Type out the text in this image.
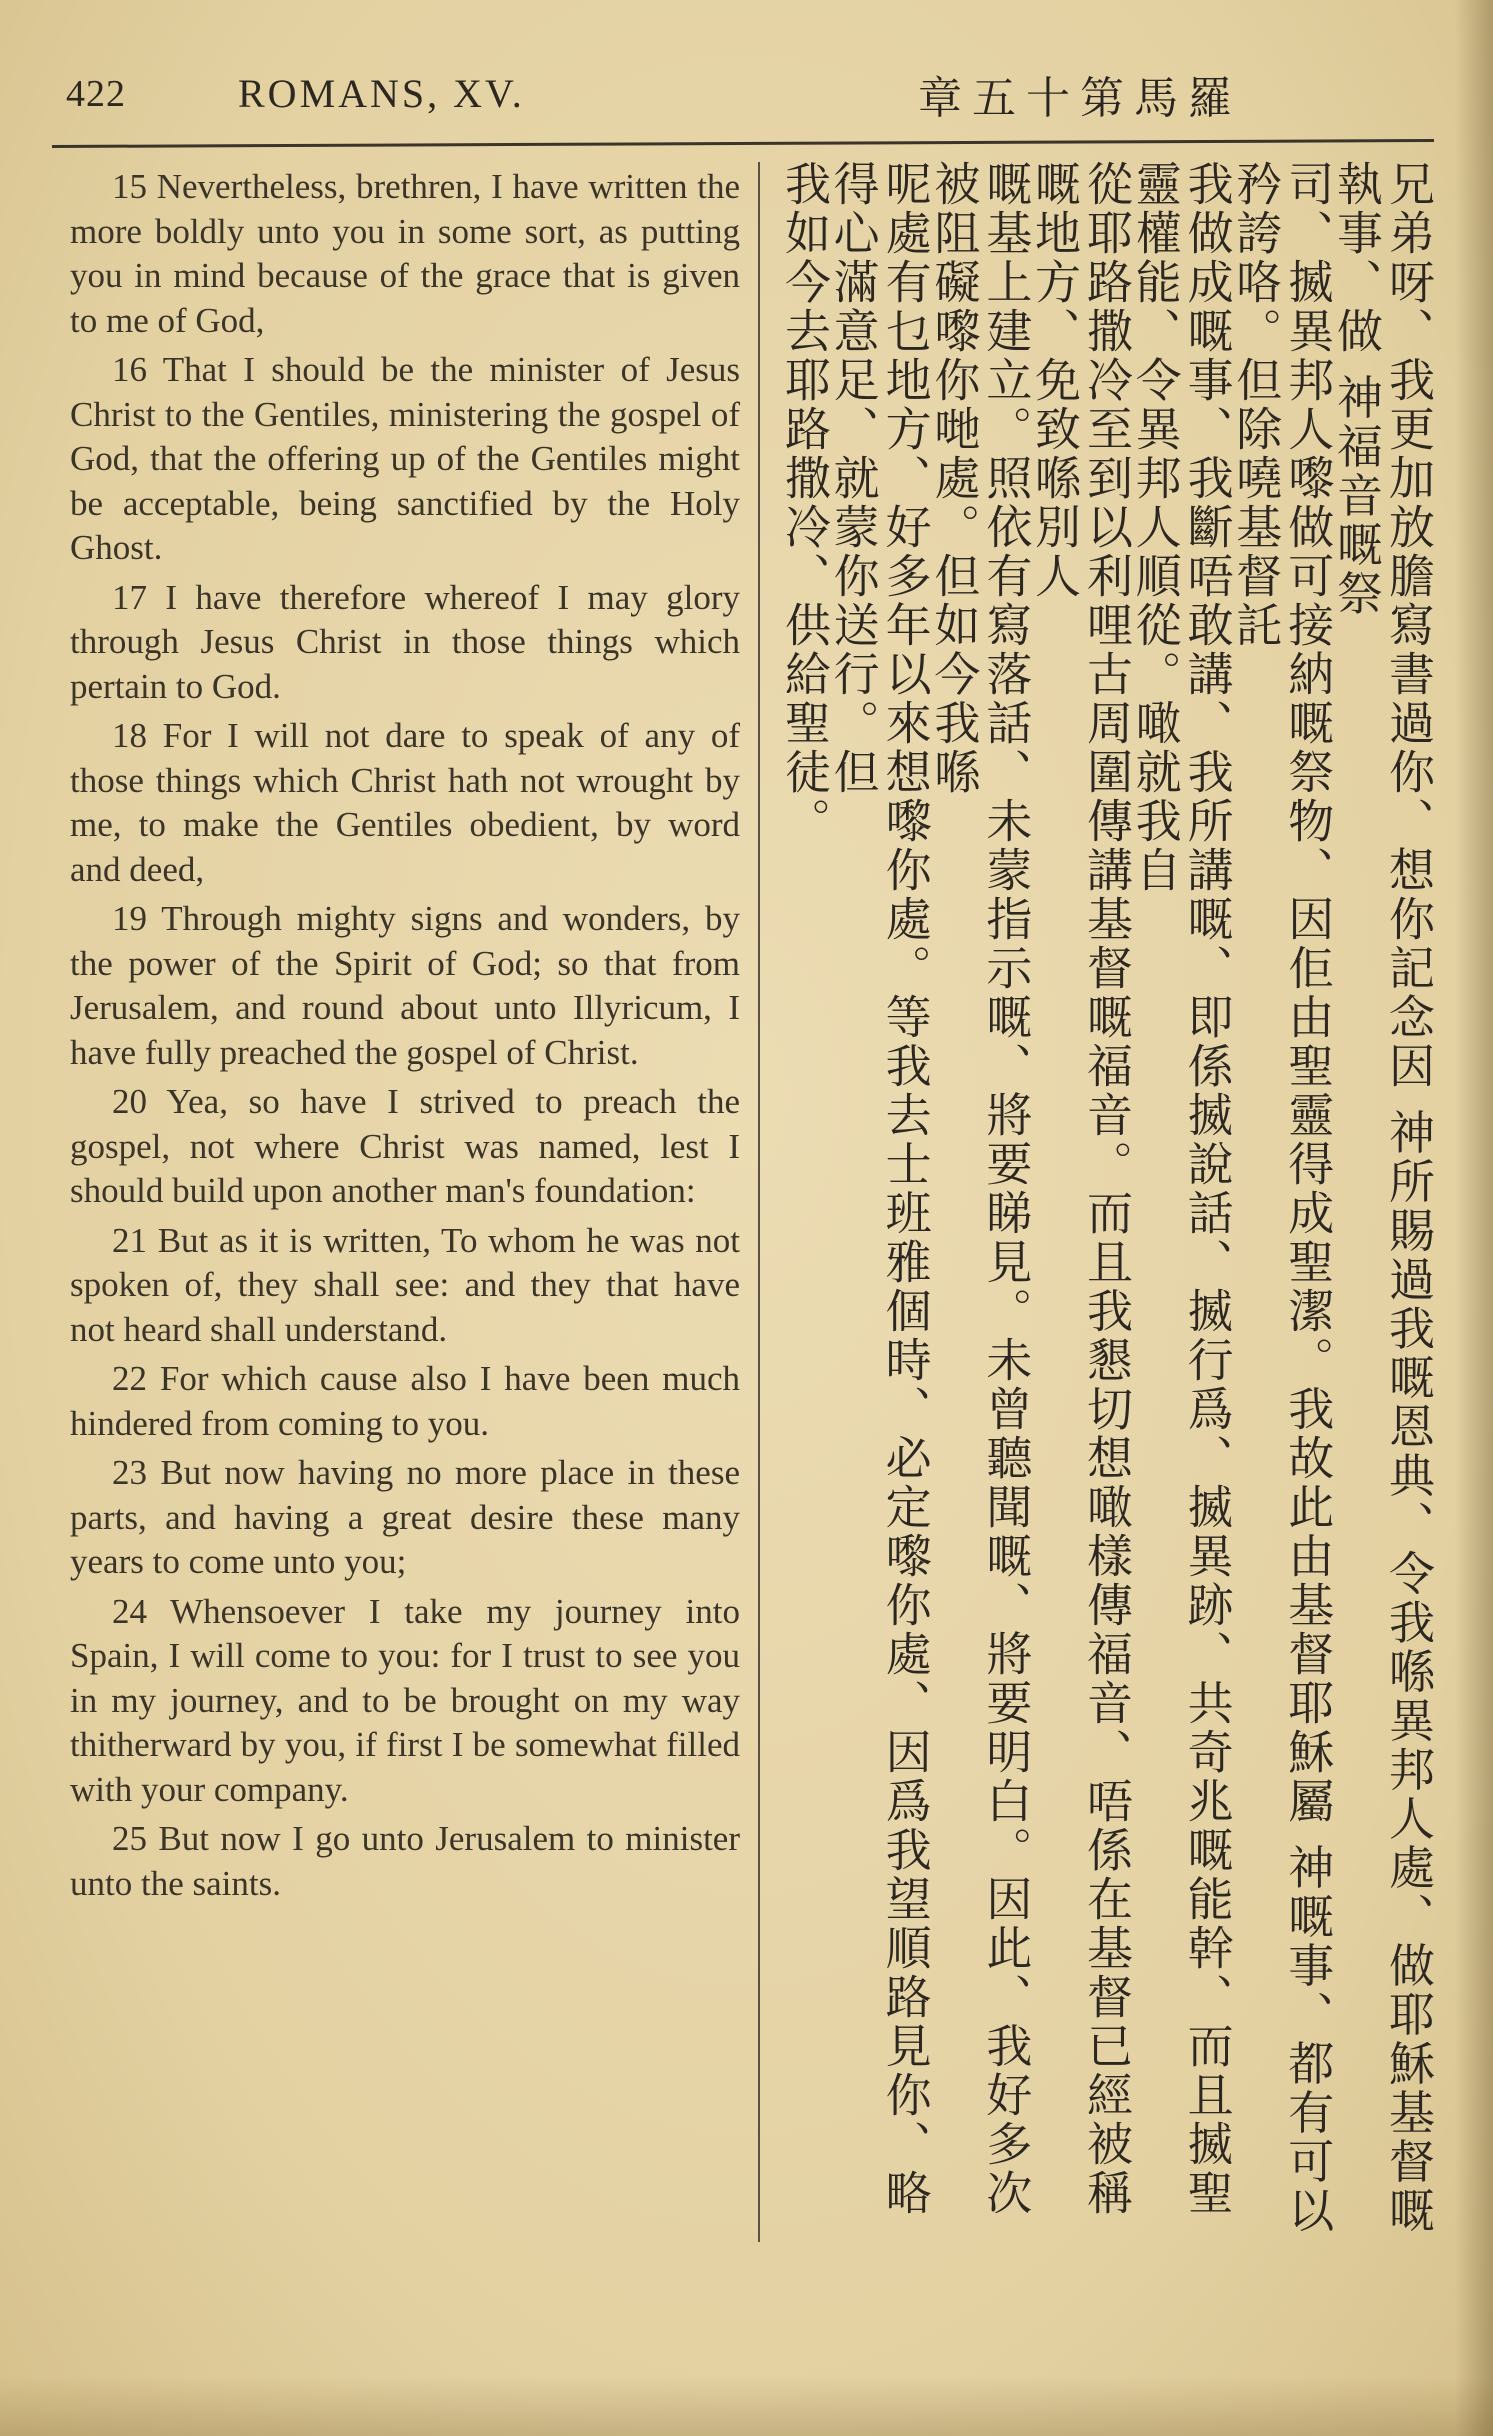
422	ROMANS, XV.	羅馬第十五章

15 Nevertheless, brethren, I have written the more boldly unto you in some sort, as putting you in mind because of the grace that is given to me of God,

16 That I should be the minister of Jesus Christ to the Gentiles, ministering the gospel of God, that the offering up of the Gentiles might be acceptable, being sanctified by the Holy Ghost.

17 I have therefore whereof I may glory through Jesus Christ in those things which pertain to God.

18 For I will not dare to speak of any of those things which Christ hath not wrought by me, to make the Gentiles obedient, by word and deed,

19 Through mighty signs and wonders, by the power of the Spirit of God; so that from Jerusalem, and round about unto Illyricum, I have fully preached the gospel of Christ.

20 Yea, so have I strived to preach the gospel, not where Christ was named, lest I should build upon another man's foundation:

21 But as it is written, To whom he was not spoken of, they shall see: and they that have not heard shall understand.

22 For which cause also I have been much hindered from coming to you.

23 But now having no more place in these parts, and having a great desire these many years to come unto you;

24 Whensoever I take my journey into Spain, I will come to you: for I trust to see you in my journey, and to be brought on my way thitherward by you, if first I be somewhat filled with your company.

25 But now I go unto Jerusalem to minister unto the saints.	兄弟呀、我更加放膽寫書過你、想你記念因 神所賜過我嘅恩典、令我喺異邦人處、做耶穌基督嘅執事、做 神福音嘅祭
司、揻異邦人嚟做可接納嘅祭物、因佢由聖靈得成聖潔。我故此由基督耶穌屬 神嘅事、都有可以矜誇咯。但除嘵基督託
我做成嘅事、我斷唔敢講、我所講嘅、即係揻說話、揻行爲、揻異跡、共奇兆嘅能幹、而且揻聖靈權能、令異邦人順從。噉就我自
從耶路撒冷至到以利哩古周圍傳講基督嘅福音。而且我懇切想噉樣傳福音、唔係在基督已經被稱嘅地方、免致喺別人
嘅基上建立。照依有寫落話、未蒙指示嘅、將要睇見。未曾聽聞嘅、將要明白。因此、我好多次被阻礙嚟你哋處。但如今我喺
呢處有乜地方、好多年以來想嚟你處。等我去士班雅個時、必定嚟你處、因爲我望順路見你、略得心滿意足、就蒙你送行。但
我如今去耶路撒冷、供給聖徒。
